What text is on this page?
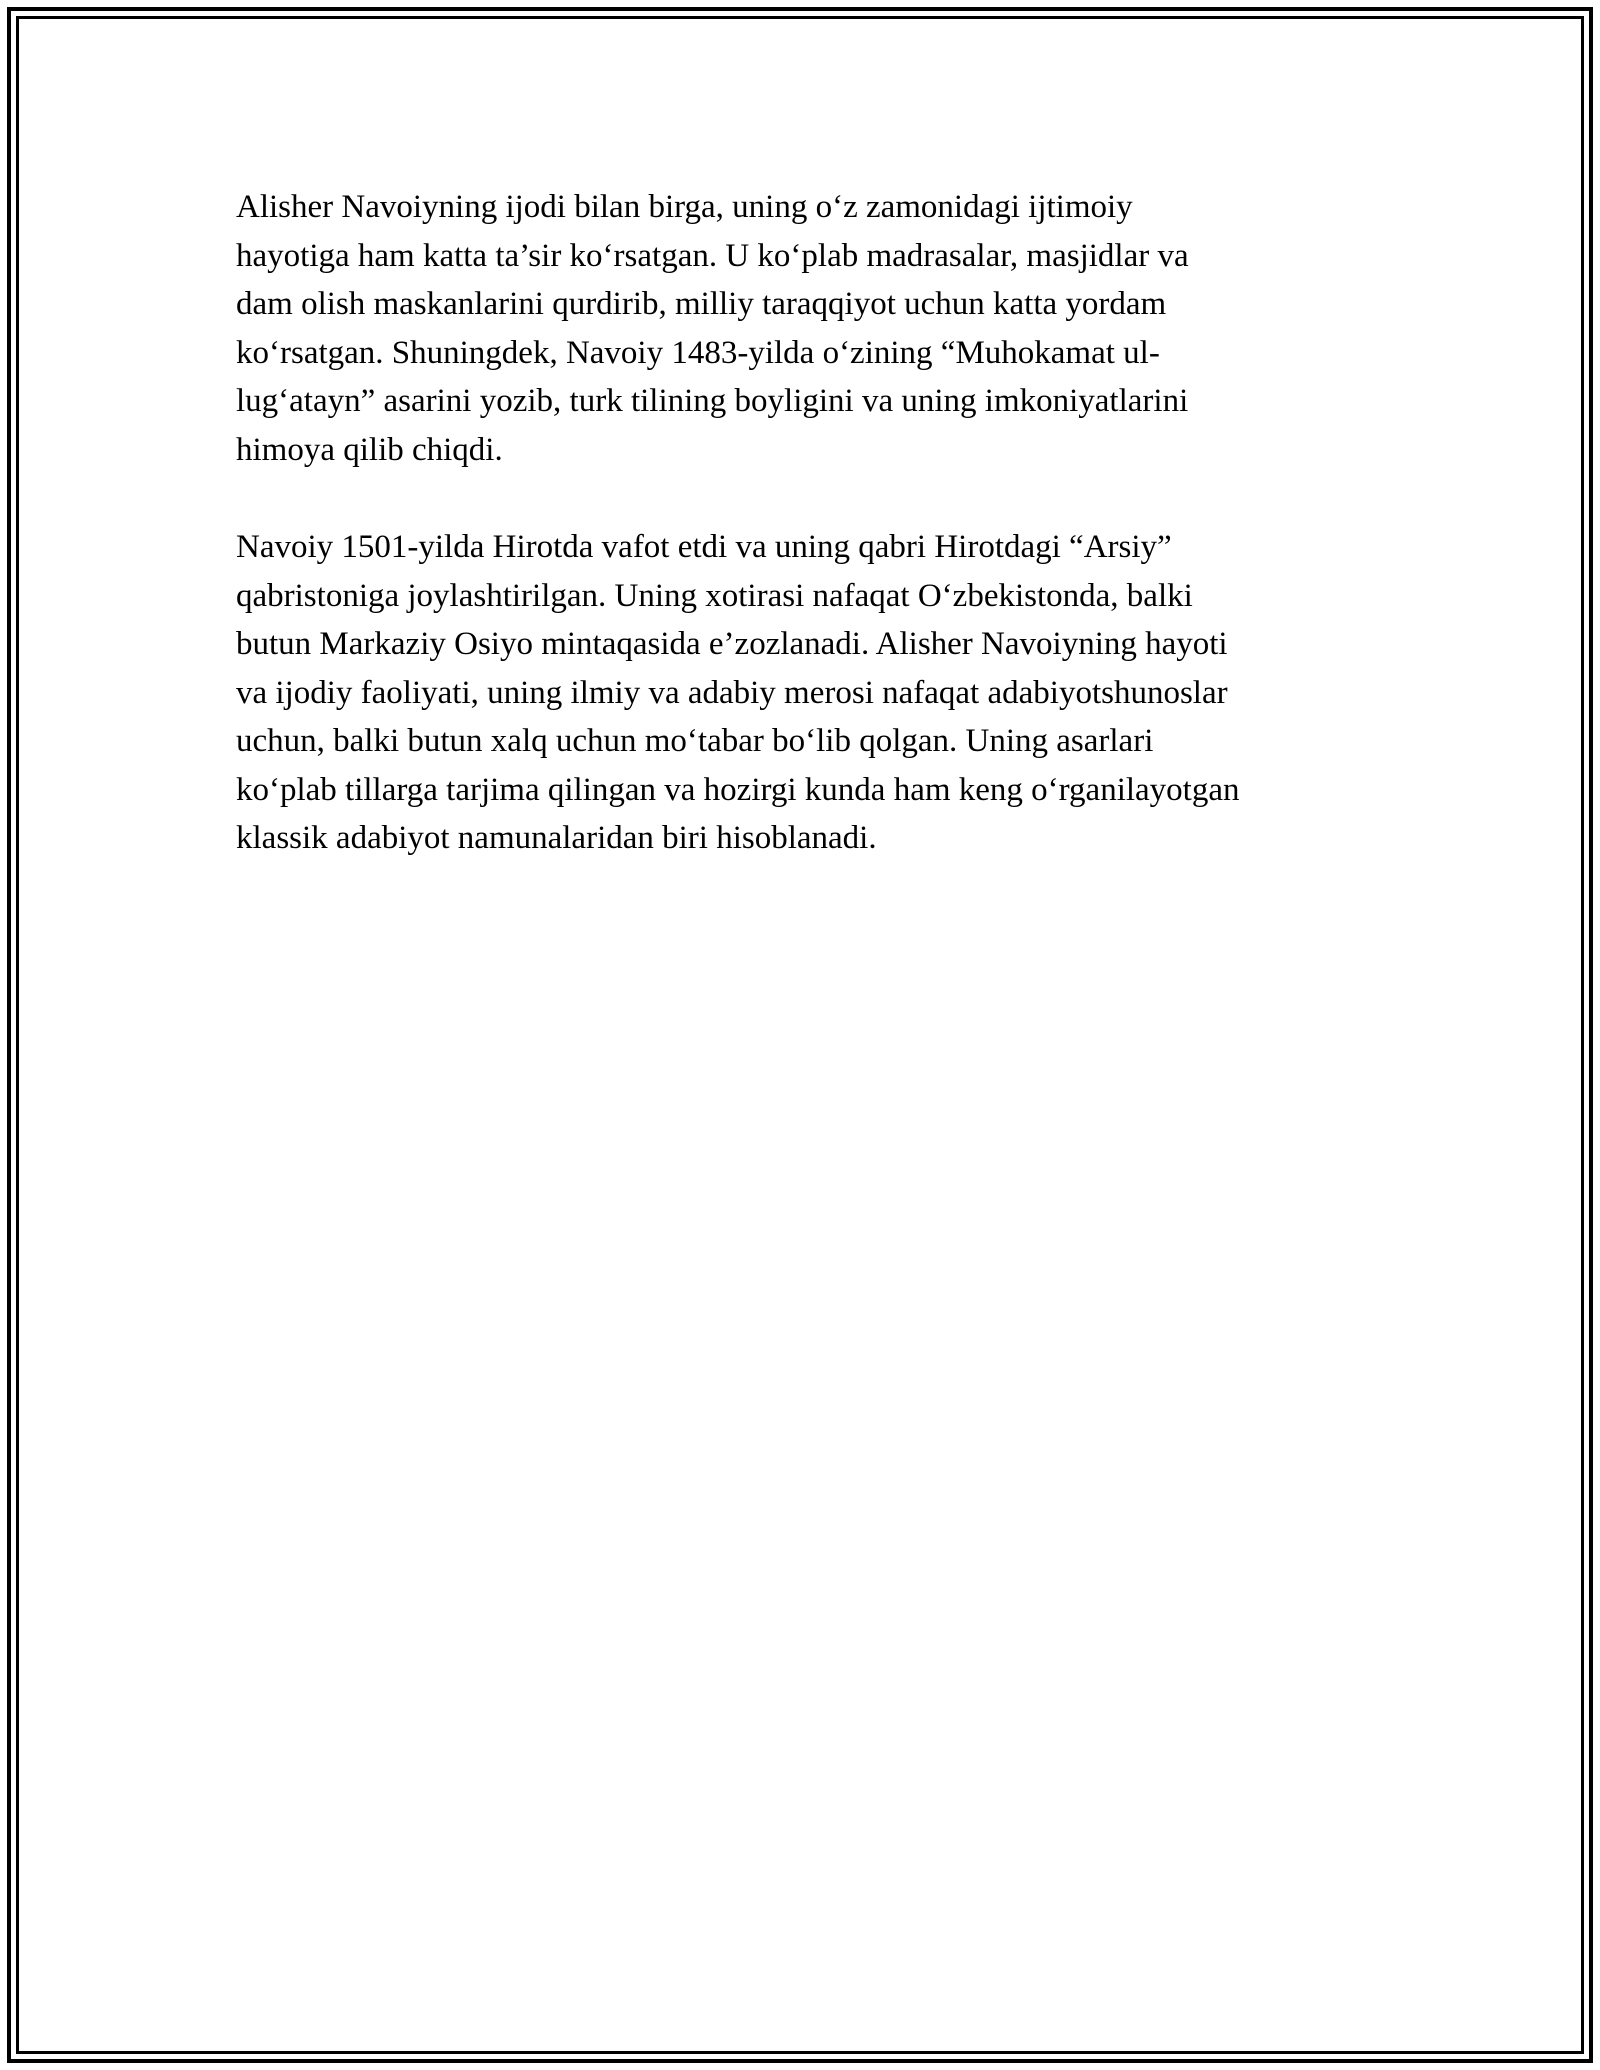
Alisher Navoiyning ijodi bilan birga, uning o‘z zamonidagi ijtimoiy
hayotiga ham katta ta’sir ko‘rsatgan. U ko‘plab madrasalar, masjidlar va
dam olish maskanlarini qurdirib, milliy taraqqiyot uchun katta yordam
ko‘rsatgan. Shuningdek, Navoiy 1483-yilda o‘zining “Muhokamat ul-
lug‘atayn” asarini yozib, turk tilining boyligini va uning imkoniyatlarini
himoya qilib chiqdi.

Navoiy 1501-yilda Hirotda vafot etdi va uning qabri Hirotdagi “Arsiy”
qabristoniga joylashtirilgan. Uning xotirasi nafaqat O‘zbekistonda, balki
butun Markaziy Osiyo mintaqasida e’zozlanadi. Alisher Navoiyning hayoti
va ijodiy faoliyati, uning ilmiy va adabiy merosi nafaqat adabiyotshunoslar
uchun, balki butun xalq uchun mo‘tabar bo‘lib qolgan. Uning asarlari
ko‘plab tillarga tarjima qilingan va hozirgi kunda ham keng o‘rganilayotgan
klassik adabiyot namunalaridan biri hisoblanadi.
